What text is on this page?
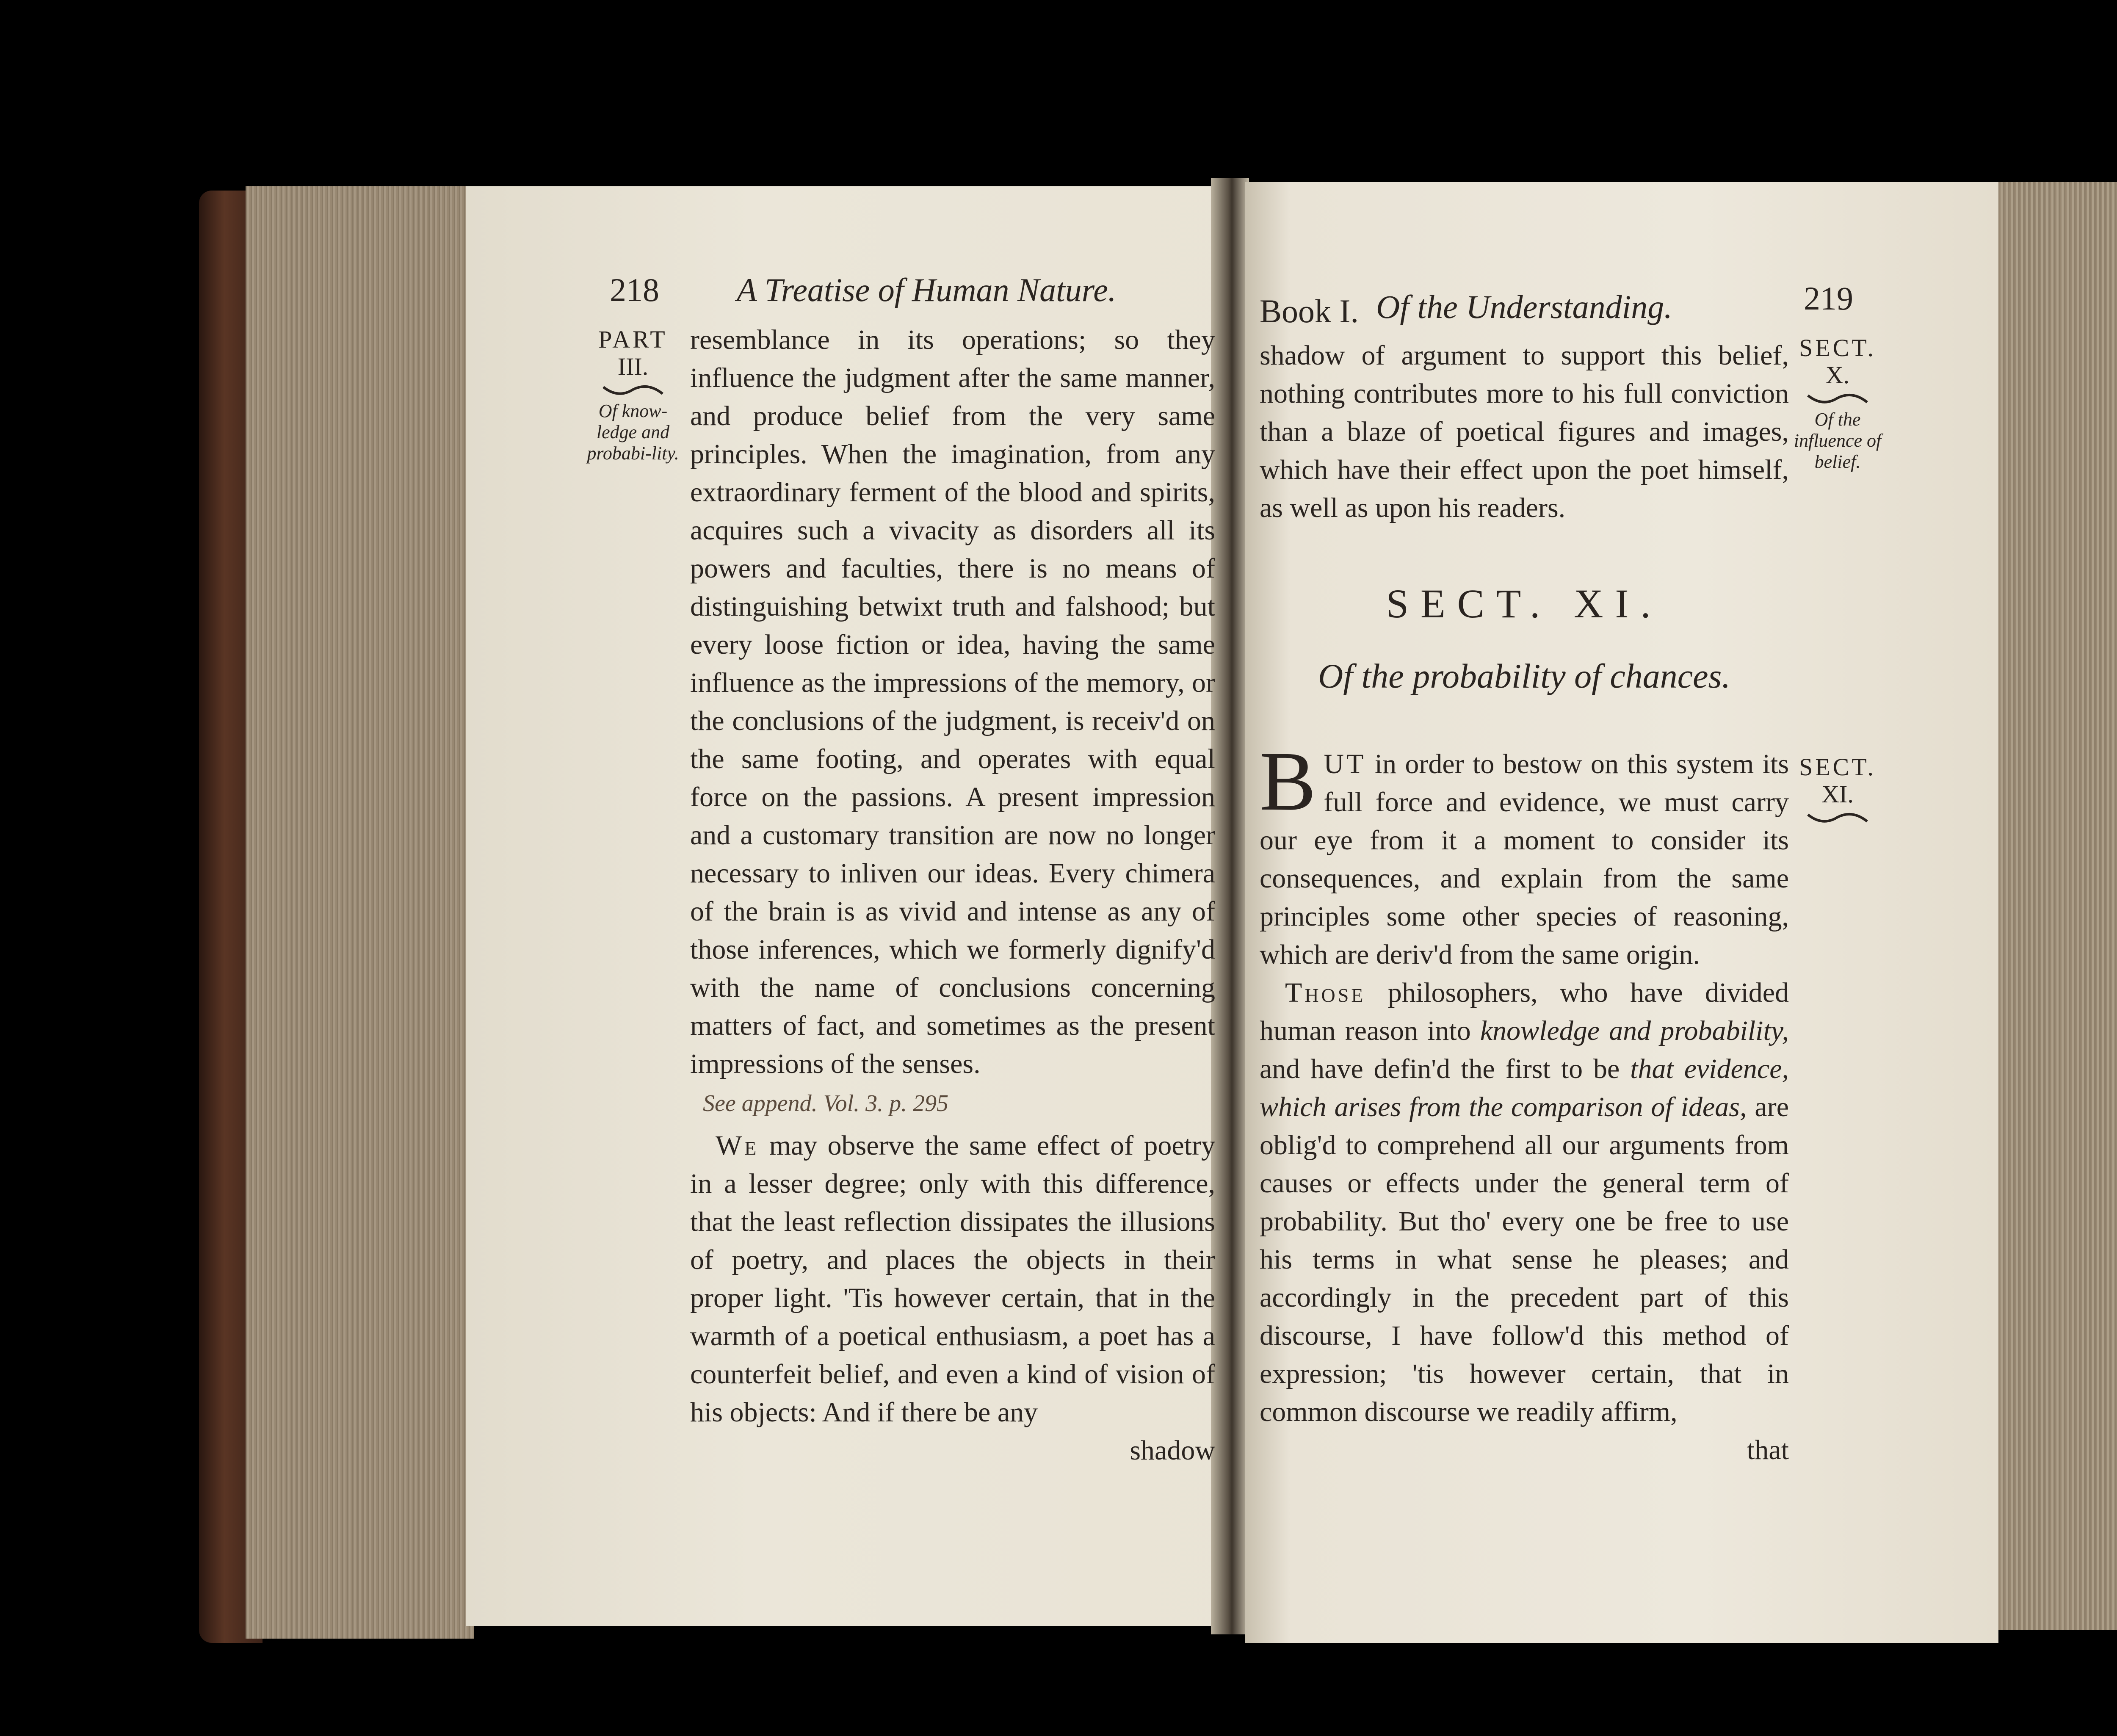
218 A Treatise of Human Nature.
PART
III.
Of know-ledge and probabi-lity.

resemblance in its operations; so they influence the judgment after the same manner, and produce belief from the very same principles. When the imagination, from any extraordinary ferment of the blood and spirits, acquires such a vivacity as disorders all its powers and faculties, there is no means of distinguishing betwixt truth and falshood; but every loose fiction or idea, having the same influence as the impressions of the memory, or the conclusions of the judgment, is receiv'd on the same footing, and operates with equal force on the passions. A present impression and a customary transition are now no longer necessary to inliven our ideas. Every chimera of the brain is as vivid and intense as any of those inferences, which we formerly dignify'd with the name of conclusions concerning matters of fact, and sometimes as the present impressions of the senses.

See append. Vol. 3. p. 295

We may observe the same effect of poetry in a lesser degree; only with this difference, that the least reflection dissipates the illusions of poetry, and places the objects in their proper light. 'Tis however certain, that in the warmth of a poetical enthusiasm, a poet has a counterfeit belief, and even a kind of vision of his objects: And if there be any

shadow

Book I. Of the Understanding.	219
SECT.
X.
Of the influence of belief.
shadow of argument to support this belief, nothing contributes more to his full conviction than a blaze of poetical figures and images, which have their effect upon the poet himself, as well as upon his readers.
SECT. XI.
Of the probability of chances.
SECT.
XI.

BUT in order to bestow on this system its full force and evidence, we must carry our eye from it a moment to consider its consequences, and explain from the same principles some other species of reasoning, which are deriv'd from the same origin.

Those philosophers, who have divided human reason into knowledge and probability, and have defin'd the first to be that evidence, which arises from the comparison of ideas, are oblig'd to comprehend all our arguments from causes or effects under the general term of probability. But tho' every one be free to use his terms in what sense he pleases; and accordingly in the precedent part of this discourse, I have follow'd this method of expression; 'tis however certain, that in common discourse we readily affirm,

that
